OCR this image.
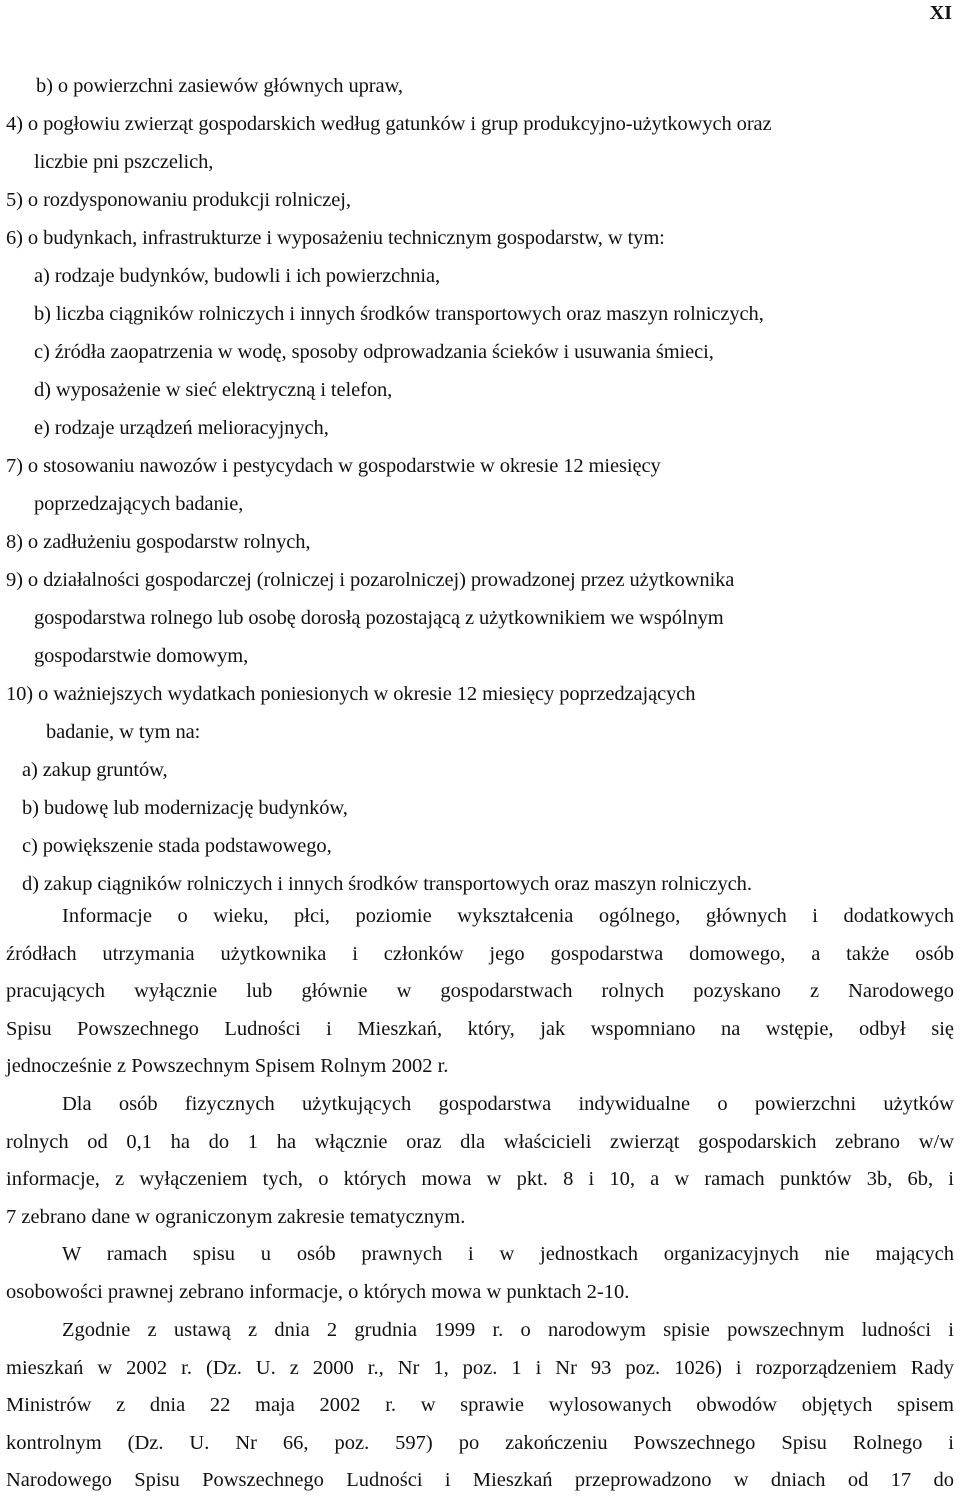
XI
b) o powierzchni zasiewów głównych upraw,
4) o pogłowiu zwierząt gospodarskich według gatunków i grup produkcyjno-użytkowych oraz
liczbie pni pszczelich,
5) o rozdysponowaniu produkcji rolniczej,
6) o budynkach, infrastrukturze i wyposażeniu technicznym gospodarstw, w tym:
a) rodzaje budynków, budowli i ich powierzchnia,
b) liczba ciągników rolniczych i innych środków transportowych oraz maszyn rolniczych,
c) źródła zaopatrzenia w wodę, sposoby odprowadzania ścieków i usuwania śmieci,
d) wyposażenie w sieć elektryczną i telefon,
e) rodzaje urządzeń melioracyjnych,
7) o stosowaniu nawozów i pestycydach w gospodarstwie w okresie 12 miesięcy
poprzedzających badanie,
8) o zadłużeniu gospodarstw rolnych,
9) o działalności gospodarczej (rolniczej i pozarolniczej) prowadzonej przez użytkownika
gospodarstwa rolnego lub osobę dorosłą pozostającą z użytkownikiem we wspólnym
gospodarstwie domowym,
10) o ważniejszych wydatkach poniesionych w okresie 12 miesięcy poprzedzających
badanie, w tym na:
a) zakup gruntów,
b) budowę lub modernizację budynków,
c) powiększenie stada podstawowego,
d) zakup ciągników rolniczych i innych środków transportowych oraz maszyn rolniczych.
Informacje o wieku, płci, poziomie wykształcenia ogólnego, głównych i dodatkowych
źródłach utrzymania użytkownika i członków jego gospodarstwa domowego, a także osób
pracujących wyłącznie lub głównie w gospodarstwach rolnych pozyskano z Narodowego
Spisu Powszechnego Ludności i Mieszkań, który, jak wspomniano na wstępie, odbył się
jednocześnie z Powszechnym Spisem Rolnym 2002 r.
Dla osób fizycznych użytkujących gospodarstwa indywidualne o powierzchni użytków
rolnych od 0,1 ha do 1 ha włącznie oraz dla właścicieli zwierząt gospodarskich zebrano w/w
informacje, z wyłączeniem tych, o których mowa w pkt. 8 i 10, a w ramach punktów 3b, 6b, i
7 zebrano dane w ograniczonym zakresie tematycznym.
W ramach spisu u osób prawnych i w jednostkach organizacyjnych nie mających
osobowości prawnej zebrano informacje, o których mowa w punktach 2-10.
Zgodnie z ustawą z dnia 2 grudnia 1999 r. o narodowym spisie powszechnym ludności i
mieszkań w 2002 r. (Dz. U. z 2000 r., Nr 1, poz. 1 i Nr 93 poz. 1026) i rozporządzeniem Rady
Ministrów z dnia 22 maja 2002 r. w sprawie wylosowanych obwodów objętych spisem
kontrolnym (Dz. U. Nr 66, poz. 597) po zakończeniu Powszechnego Spisu Rolnego i
Narodowego Spisu Powszechnego Ludności i Mieszkań przeprowadzono w dniach od 17 do
